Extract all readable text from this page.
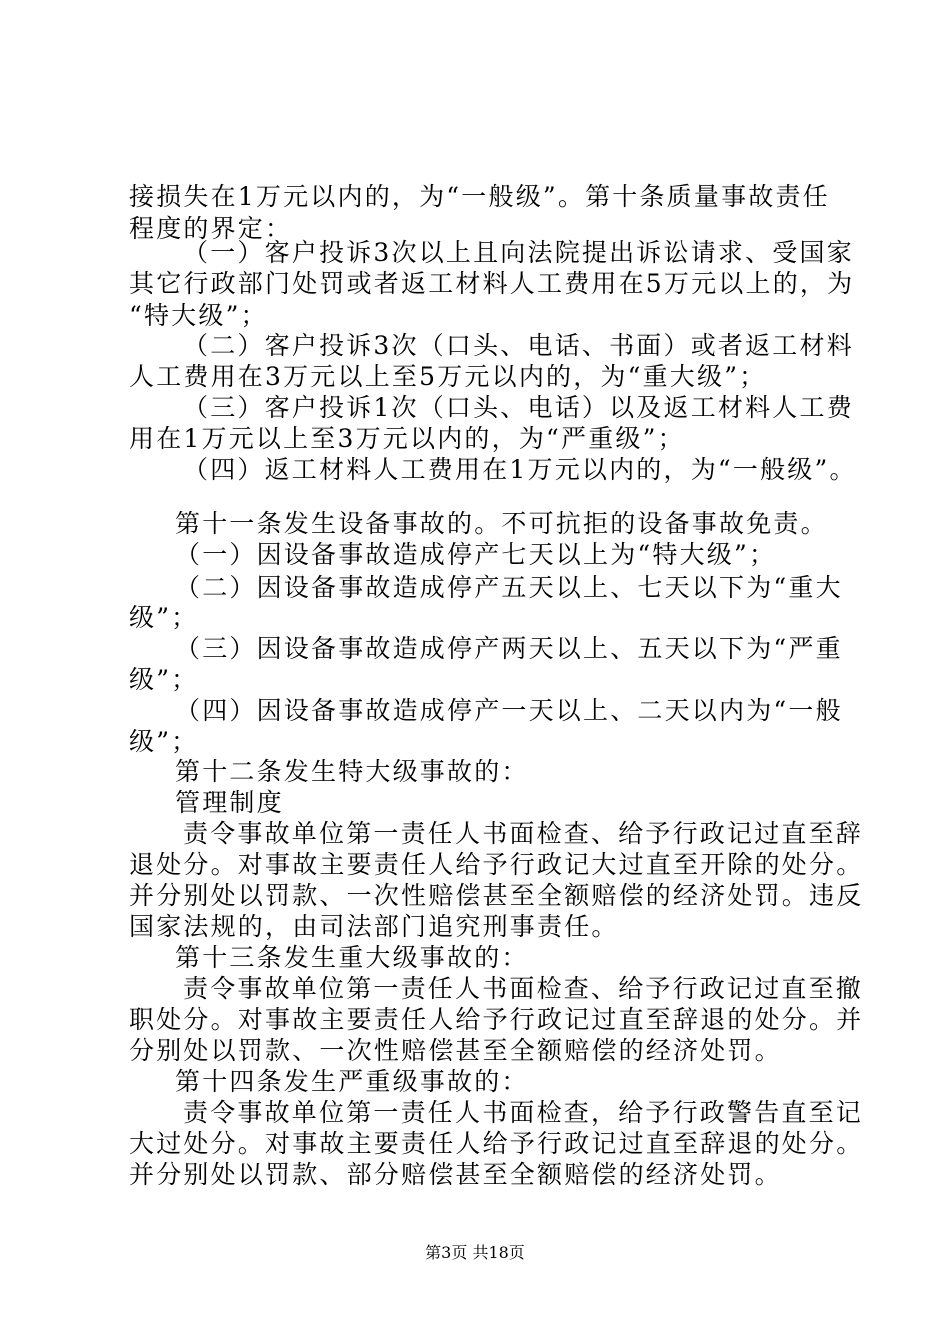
接损失在1万元以内的，为“一般级”。第十条质量事故责任
程度的界定：
（一）客户投诉3次以上且向法院提出诉讼请求、受国家
其它行政部门处罚或者返工材料人工费用在5万元以上的，为
“特大级”；
（二）客户投诉3次（口头、电话、书面）或者返工材料
人工费用在3万元以上至5万元以内的，为“重大级”；
（三）客户投诉1次（口头、电话）以及返工材料人工费
用在1万元以上至3万元以内的，为“严重级”；
（四）返工材料人工费用在1万元以内的，为“一般级”。
第十一条发生设备事故的。不可抗拒的设备事故免责。
（一）因设备事故造成停产七天以上为“特大级”；
（二）因设备事故造成停产五天以上、七天以下为“重大
级”；
（三）因设备事故造成停产两天以上、五天以下为“严重
级”；
（四）因设备事故造成停产一天以上、二天以内为“一般
级”；
第十二条发生特大级事故的：
管理制度
责令事故单位第一责任人书面检查、给予行政记过直至辞
退处分。对事故主要责任人给予行政记大过直至开除的处分。
并分别处以罚款、一次性赔偿甚至全额赔偿的经济处罚。违反
国家法规的，由司法部门追究刑事责任。
第十三条发生重大级事故的：
责令事故单位第一责任人书面检查、给予行政记过直至撤
职处分。对事故主要责任人给予行政记过直至辞退的处分。并
分别处以罚款、一次性赔偿甚至全额赔偿的经济处罚。
第十四条发生严重级事故的：
责令事故单位第一责任人书面检查，给予行政警告直至记
大过处分。对事故主要责任人给予行政记过直至辞退的处分。
并分别处以罚款、部分赔偿甚至全额赔偿的经济处罚。
第3页 共18页
